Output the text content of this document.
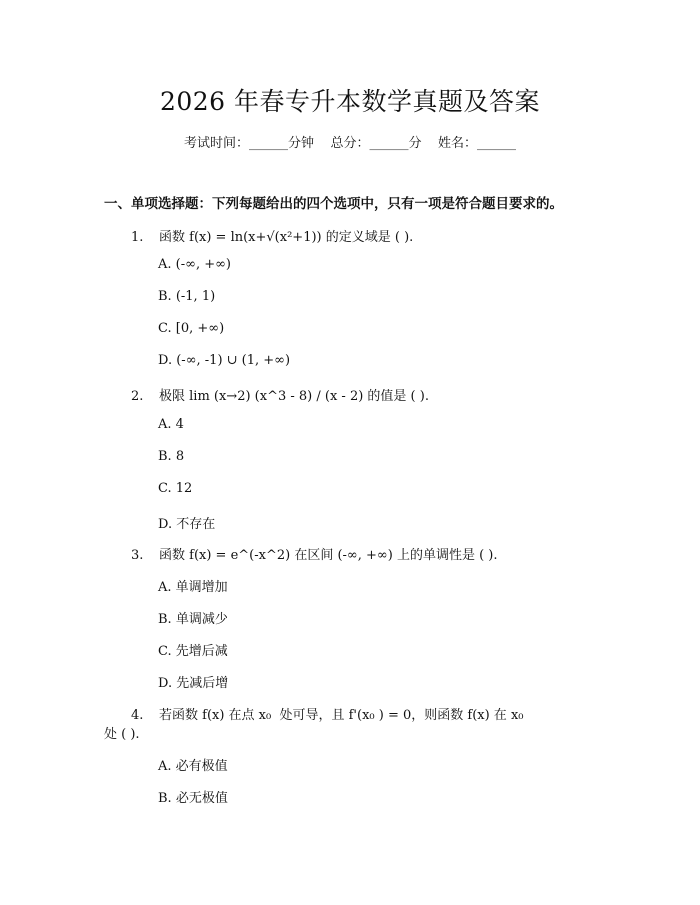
2026 年春专升本数学真题及答案
考试时间：______分钟    总分：______分    姓名：______
一、单项选择题：下列每题给出的四个选项中，只有一项是符合题目要求的。
1. 函数 f(x) = ln(x+√(x²+1)) 的定义域是 ( ).
A. (-∞, +∞)
B. (-1, 1)
C. [0, +∞)
D. (-∞, -1) ∪ (1, +∞)
2. 极限 lim (x→2) (x^3 - 8) / (x - 2) 的值是 ( ).
A. 4
B. 8
C. 12
D. 不存在
3. 函数 f(x) = e^(-x^2) 在区间 (-∞, +∞) 上的单调性是 ( ).
A. 单调增加
B. 单调减少
C. 先增后减
D. 先减后增
4. 若函数 f(x) 在点 x₀  处可导，且 f'(x₀ ) = 0，则函数 f(x) 在 x₀
处 ( ).
A. 必有极值
B. 必无极值
